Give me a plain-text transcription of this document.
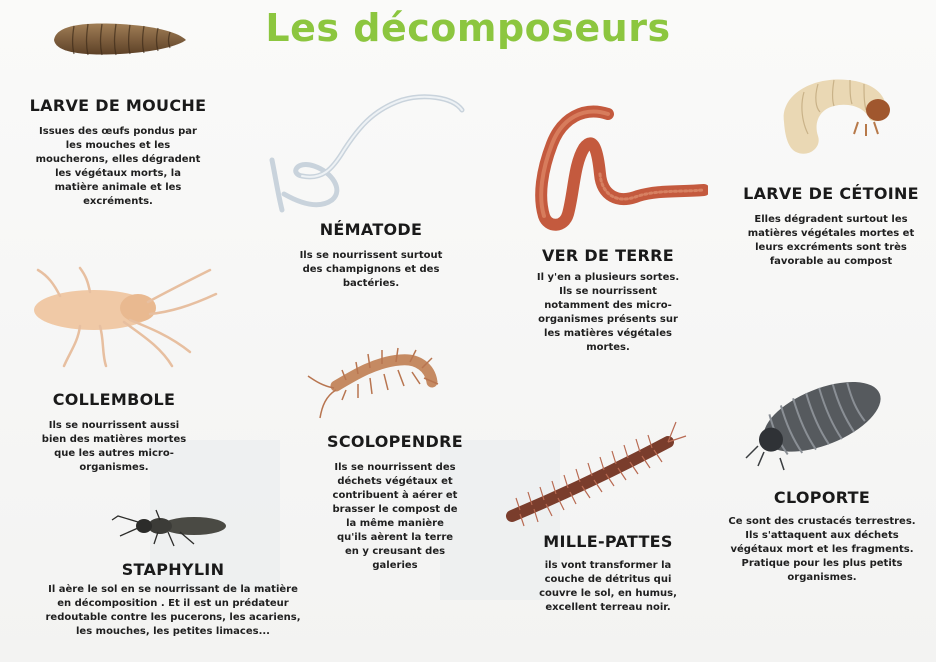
Les décomposeurs
LARVE DE MOUCHE
Issues des œufs pondus par
les mouches et les
moucherons, elles dégradent
les végétaux morts, la
matière animale et les
excréments.
NÉMATODE
Ils se nourrissent surtout
des champignons et des
bactéries.
VER DE TERRE
Il y'en a plusieurs sortes.
Ils se nourrissent
notamment des micro-
organismes présents sur
les matières végétales
mortes.
LARVE DE CÉTOINE
Elles dégradent surtout les
matières végétales mortes et
leurs excréments sont très
favorable au compost
COLLEMBOLE
Ils se nourrissent aussi
bien des matières mortes
que les autres micro-
organismes.
SCOLOPENDRE
Ils se nourrissent des
déchets végétaux et
contribuent à aérer et
brasser le compost de
la même manière
qu'ils aèrent la terre
en y creusant des
galeries
CLOPORTE
Ce sont des crustacés terrestres.
Ils s'attaquent aux déchets
végétaux mort et les fragments.
Pratique pour les plus petits
organismes.
STAPHYLIN
Il aère le sol en se nourrissant de la matière
en décomposition . Et il est un prédateur
redoutable contre les pucerons, les acariens,
les mouches, les petites limaces...
MILLE-PATTES
ils vont transformer la
couche de détritus qui
couvre le sol, en humus,
excellent terreau noir.
